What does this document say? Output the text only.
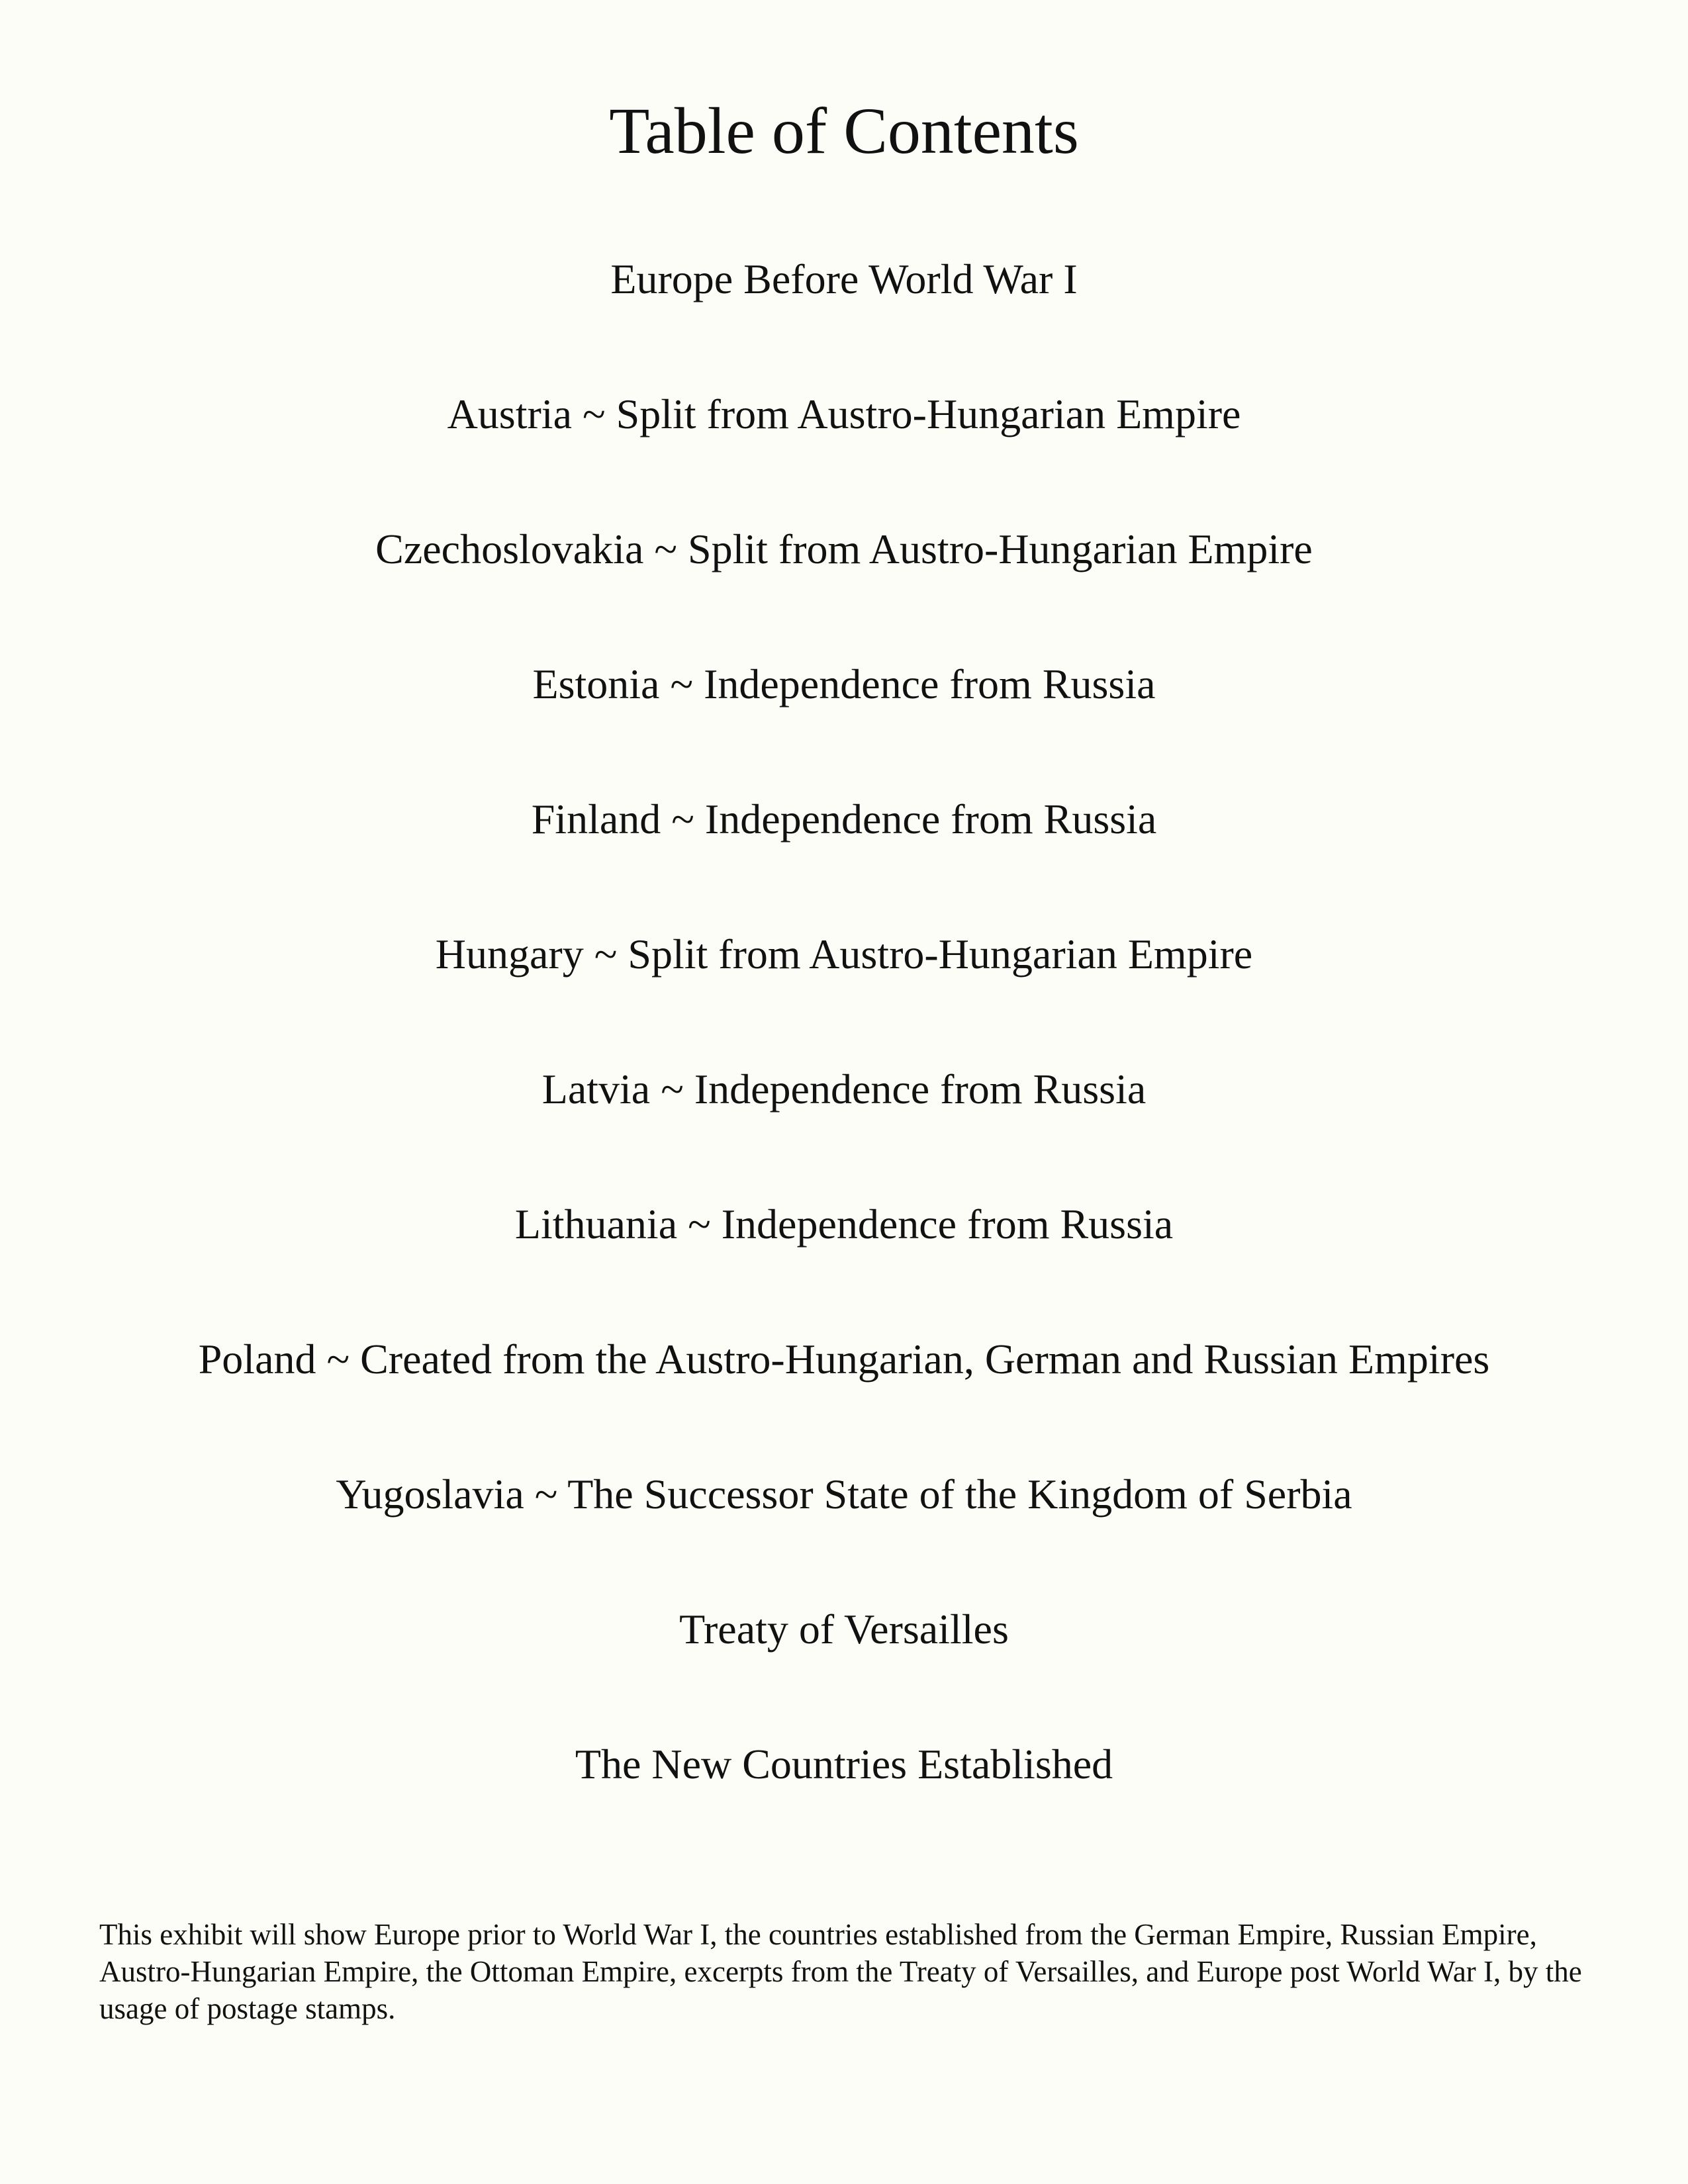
Table of Contents
Europe Before World War I
Austria ~ Split from Austro-Hungarian Empire
Czechoslovakia ~ Split from Austro-Hungarian Empire
Estonia ~ Independence from Russia
Finland ~ Independence from Russia
Hungary ~ Split from Austro-Hungarian Empire
Latvia ~ Independence from Russia
Lithuania ~ Independence from Russia
Poland ~ Created from the Austro-Hungarian, German and Russian Empires
Yugoslavia ~ The Successor State of the Kingdom of Serbia
Treaty of Versailles
The New Countries Established

This exhibit will show Europe prior to World War I, the countries established from the German Empire, Russian Empire, Austro-Hungarian Empire, the Ottoman Empire, excerpts from the Treaty of Versailles, and Europe post World War I, by the usage of postage stamps.
